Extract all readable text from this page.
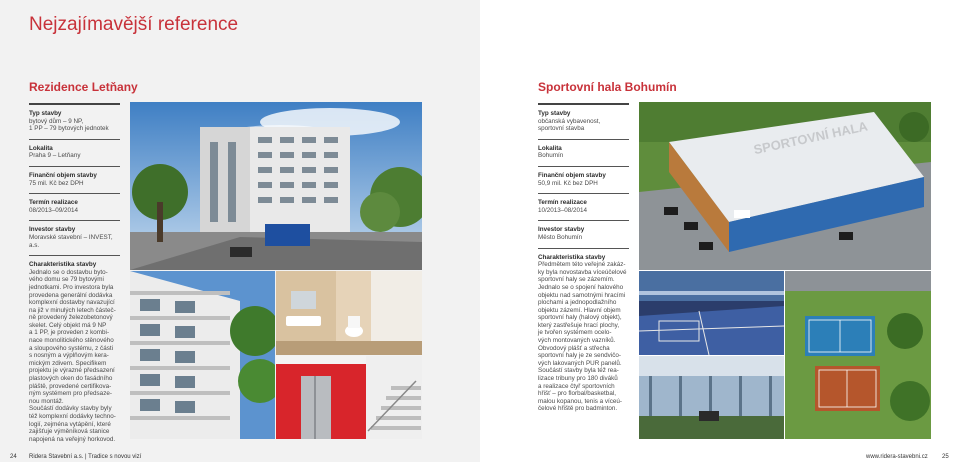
Nejzajímavější reference
Rezidence Letňany
Typ stavby
bytový dům – 9 NP,
1 PP – 79 bytových jednotek
Lokalita
Praha 9 – Letňany
Finanční objem stavby
75 mil. Kč bez DPH
Termín realizace
08/2013–09/2014
Investor stavby
Moravské stavební – INVEST, a.s.
Charakteristika stavby
Jednalo se o dostavbu byto-
vého domu se 79 bytovými
jednotkami. Pro investora byla
provedena generální dodávka
komplexní dostavby navazující
na již v minulých letech částeč-
ně provedený železobetonový
skelet. Celý objekt má 9 NP
a 1 PP, je proveden z kombi-
nace monolitického stěnového
a sloupového systému, z části
s nosným a výplňovým kera-
mickým zdivem. Specifikem
projektu je výrazné předsazení
plastových oken do fasádního
pláště, provedené certifikova-
ným systémem pro předsaze-
nou montáž.
Součástí dodávky stavby byly
též komplexní dodávky techno-
logií, zejména vytápění, které
zajišťuje výměníková stanice
napojená na veřejný horkovod.
Sportovní hala Bohumín
Typ stavby
občanská vybavenost,
sportovní stavba
Lokalita
Bohumín
Finanční objem stavby
50,9 mil. Kč bez DPH
Termín realizace
10/2013–08/2014
Investor stavby
Město Bohumín
Charakteristika stavby
Předmětem této veřejné zakáz-
ky byla novostavba víceúčelové
sportovní haly se zázemím.
Jednalo se o spojení halového
objektu nad samotnými hracími
plochami a jednopodlažního
objektu zázemí. Hlavní objem
sportovní haly (halový objekt),
který zastřešuje hrací plochy,
je tvořen systémem ocelo-
vých montovaných vazníků.
Obvodový plášť a střecha
sportovní haly je ze sendvičo-
vých lakovaných PUR panelů.
Součástí stavby byla též rea-
lizace tribuny pro 180 diváků
a realizace čtyř sportovních
hřišť – pro florbal/basketbal,
malou kopanou, tenis a víceú-
čelové hřiště pro badminton.
SPORTOVNÍ HALA
24 Ridera Stavební a.s. | Tradice s novou vizí	www.ridera-stavebni.cz 25
